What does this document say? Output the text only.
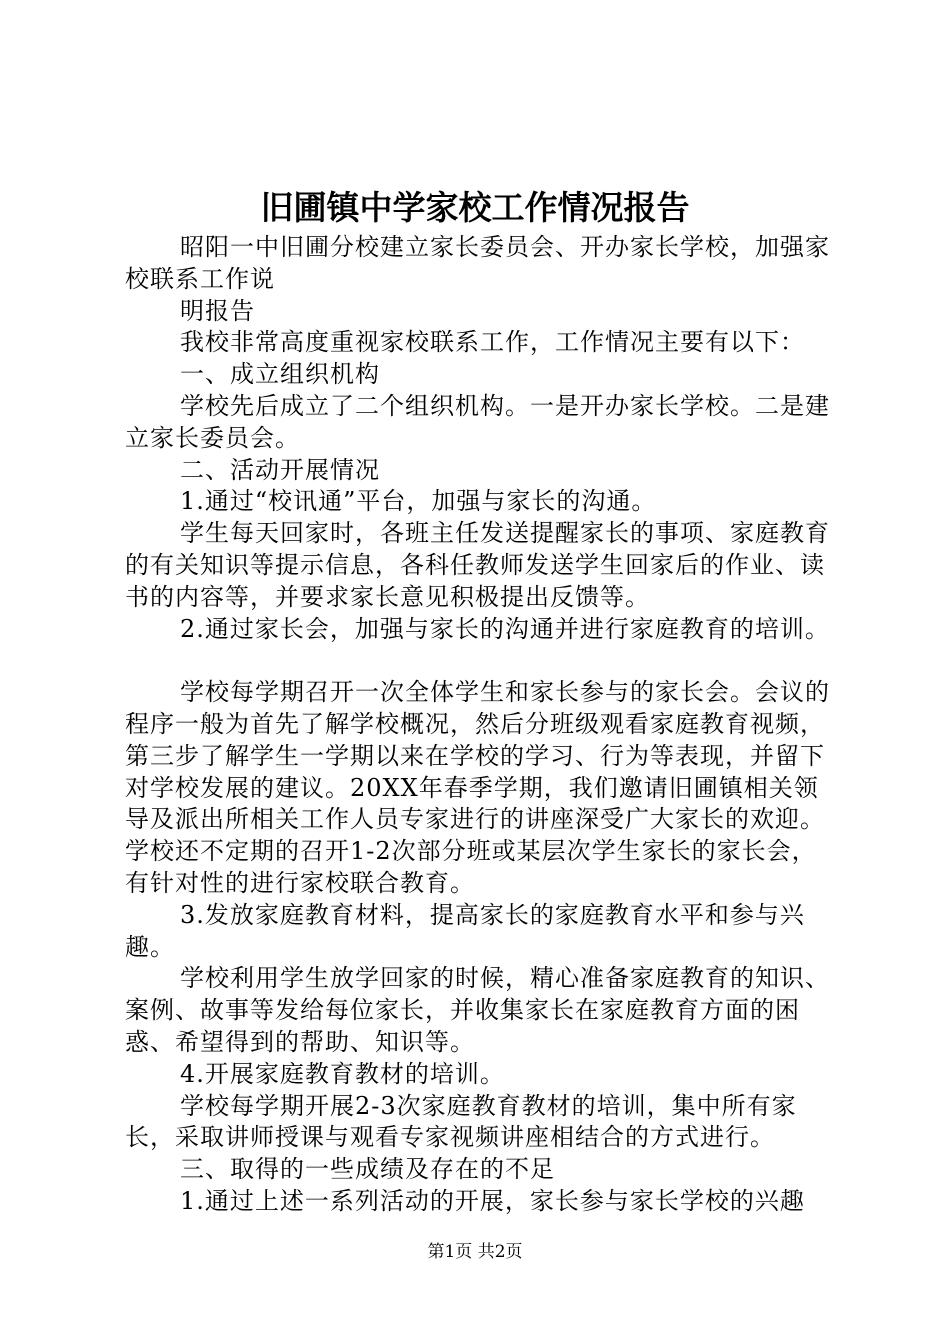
旧圃镇中学家校工作情况报告

昭阳一中旧圃分校建立家长委员会、开办家长学校，加强家校联系工作说

明报告

我校非常高度重视家校联系工作，工作情况主要有以下：

一、成立组织机构

学校先后成立了二个组织机构。一是开办家长学校。二是建立家长委员会。

二、活动开展情况

1.通过“校讯通”平台，加强与家长的沟通。

学生每天回家时，各班主任发送提醒家长的事项、家庭教育的有关知识等提示信息，各科任教师发送学生回家后的作业、读书的内容等，并要求家长意见积极提出反馈等。

2.通过家长会，加强与家长的沟通并进行家庭教育的培训。

学校每学期召开一次全体学生和家长参与的家长会。会议的程序一般为首先了解学校概况，然后分班级观看家庭教育视频，第三步了解学生一学期以来在学校的学习、行为等表现，并留下对学校发展的建议。20XX年春季学期，我们邀请旧圃镇相关领导及派出所相关工作人员专家进行的讲座深受广大家长的欢迎。学校还不定期的召开1-2次部分班或某层次学生家长的家长会，有针对性的进行家校联合教育。

3.发放家庭教育材料，提高家长的家庭教育水平和参与兴趣。

学校利用学生放学回家的时候，精心准备家庭教育的知识、案例、故事等发给每位家长，并收集家长在家庭教育方面的困惑、希望得到的帮助、知识等。

4.开展家庭教育教材的培训。

学校每学期开展2-3次家庭教育教材的培训，集中所有家长，采取讲师授课与观看专家视频讲座相结合的方式进行。

三、取得的一些成绩及存在的不足

1.通过上述一系列活动的开展，家长参与家长学校的兴趣

第1页 共2页
